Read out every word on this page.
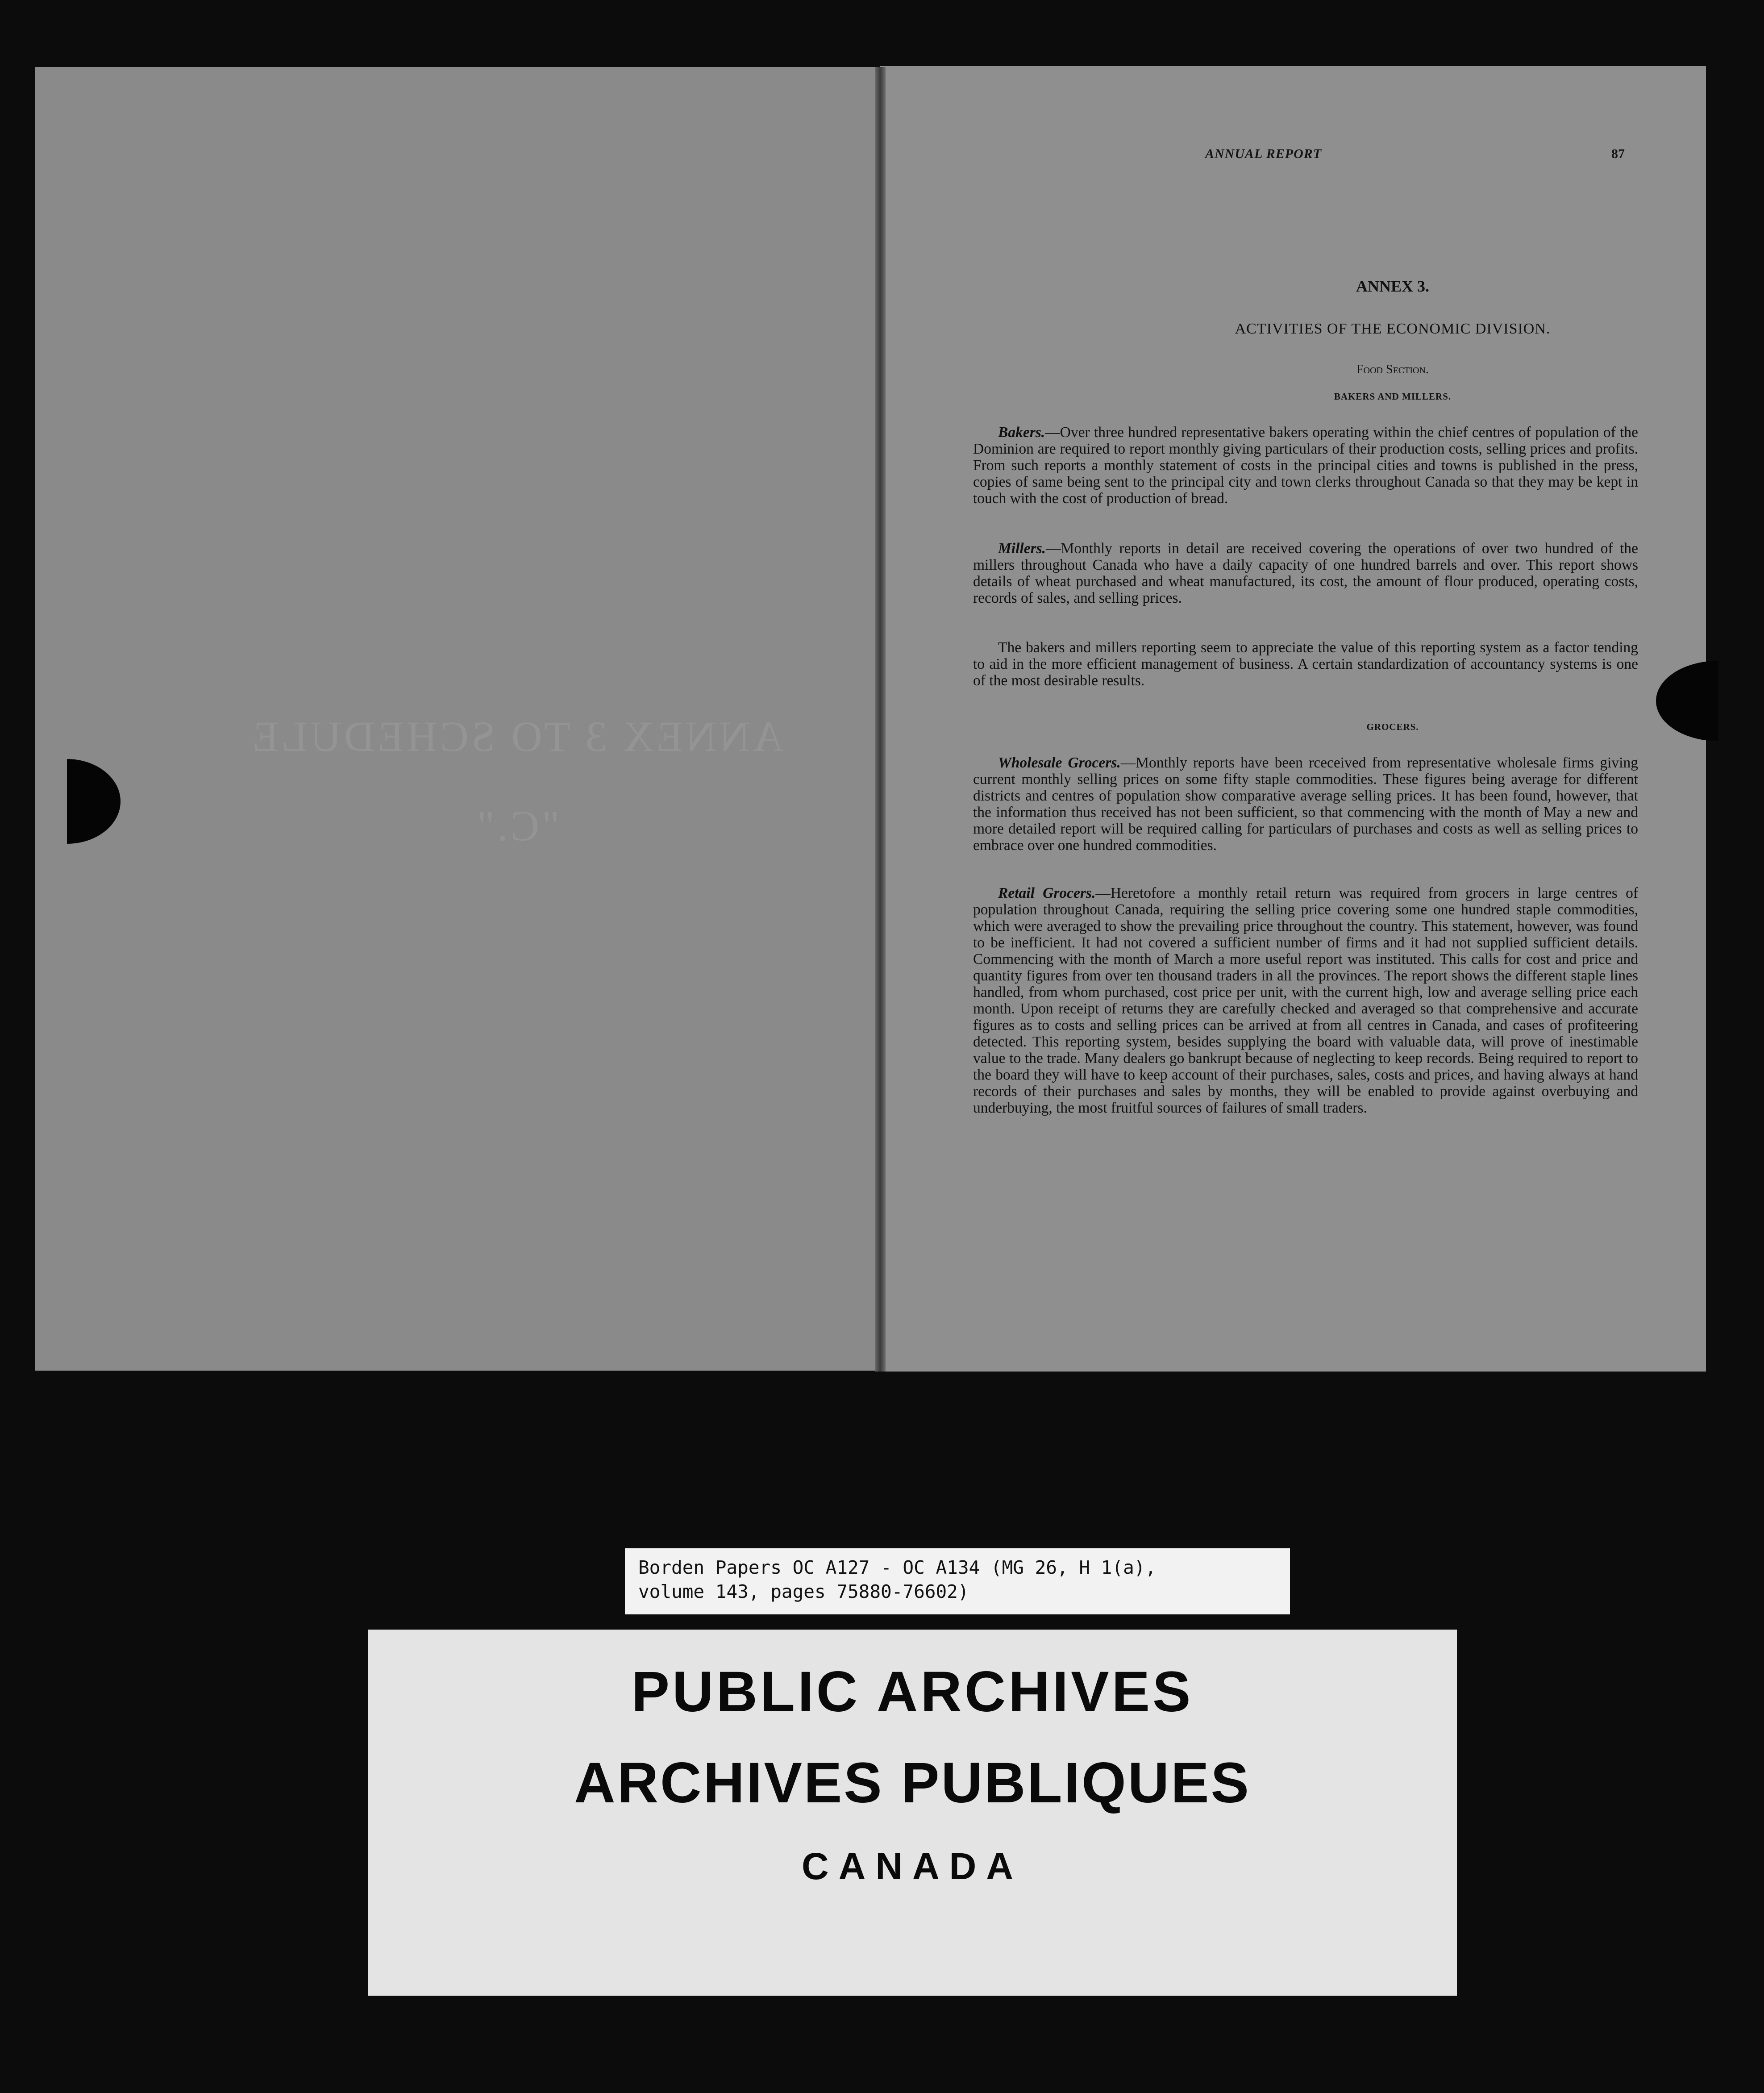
ANNEX 3 TO SCHEDULE "C."
ANNUAL REPORT	87
ANNEX 3.
ACTIVITIES OF THE ECONOMIC DIVISION.
Food Section.
BAKERS AND MILLERS.

Bakers.—Over three hundred representative bakers operating within the chief centres of population of the Dominion are required to report monthly giving particulars of their production costs, selling prices and profits. From such reports a monthly statement of costs in the principal cities and towns is published in the press, copies of same being sent to the principal city and town clerks throughout Canada so that they may be kept in touch with the cost of production of bread.

Millers.—Monthly reports in detail are received covering the operations of over two hundred of the millers throughout Canada who have a daily capacity of one hundred barrels and over. This report shows details of wheat purchased and wheat manufactured, its cost, the amount of flour produced, operating costs, records of sales, and selling prices.

The bakers and millers reporting seem to appreciate the value of this reporting system as a factor tending to aid in the more efficient management of business. A certain standardization of accountancy systems is one of the most desirable results.

GROCERS.

Wholesale Grocers.—Monthly reports have been rceceived from representative wholesale firms giving current monthly selling prices on some fifty staple commodities. These figures being average for different districts and centres of population show comparative average selling prices. It has been found, however, that the information thus received has not been sufficient, so that commencing with the month of May a new and more detailed report will be required calling for particulars of purchases and costs as well as selling prices to embrace over one hundred commodities.

Retail Grocers.—Heretofore a monthly retail return was required from grocers in large centres of population throughout Canada, requiring the selling price covering some one hundred staple commodities, which were averaged to show the prevailing price throughout the country. This statement, however, was found to be inefficient. It had not covered a sufficient number of firms and it had not supplied sufficient details. Commencing with the month of March a more useful report was instituted. This calls for cost and price and quantity figures from over ten thousand traders in all the provinces. The report shows the different staple lines handled, from whom purchased, cost price per unit, with the current high, low and average selling price each month. Upon receipt of returns they are carefully checked and averaged so that comprehensive and accurate figures as to costs and selling prices can be arrived at from all centres in Canada, and cases of profiteering detected. This reporting system, besides supplying the board with valuable data, will prove of inestimable value to the trade. Many dealers go bankrupt because of neglecting to keep records. Being required to report to the board they will have to keep account of their purchases, sales, costs and prices, and having always at hand records of their purchases and sales by months, they will be enabled to provide against overbuying and underbuying, the most fruitful sources of failures of small traders.

Borden Papers OC A127 - OC A134 (MG 26, H 1(a),
volume 143, pages 75880-76602)
PUBLIC ARCHIVES
ARCHIVES PUBLIQUES
CANADA
